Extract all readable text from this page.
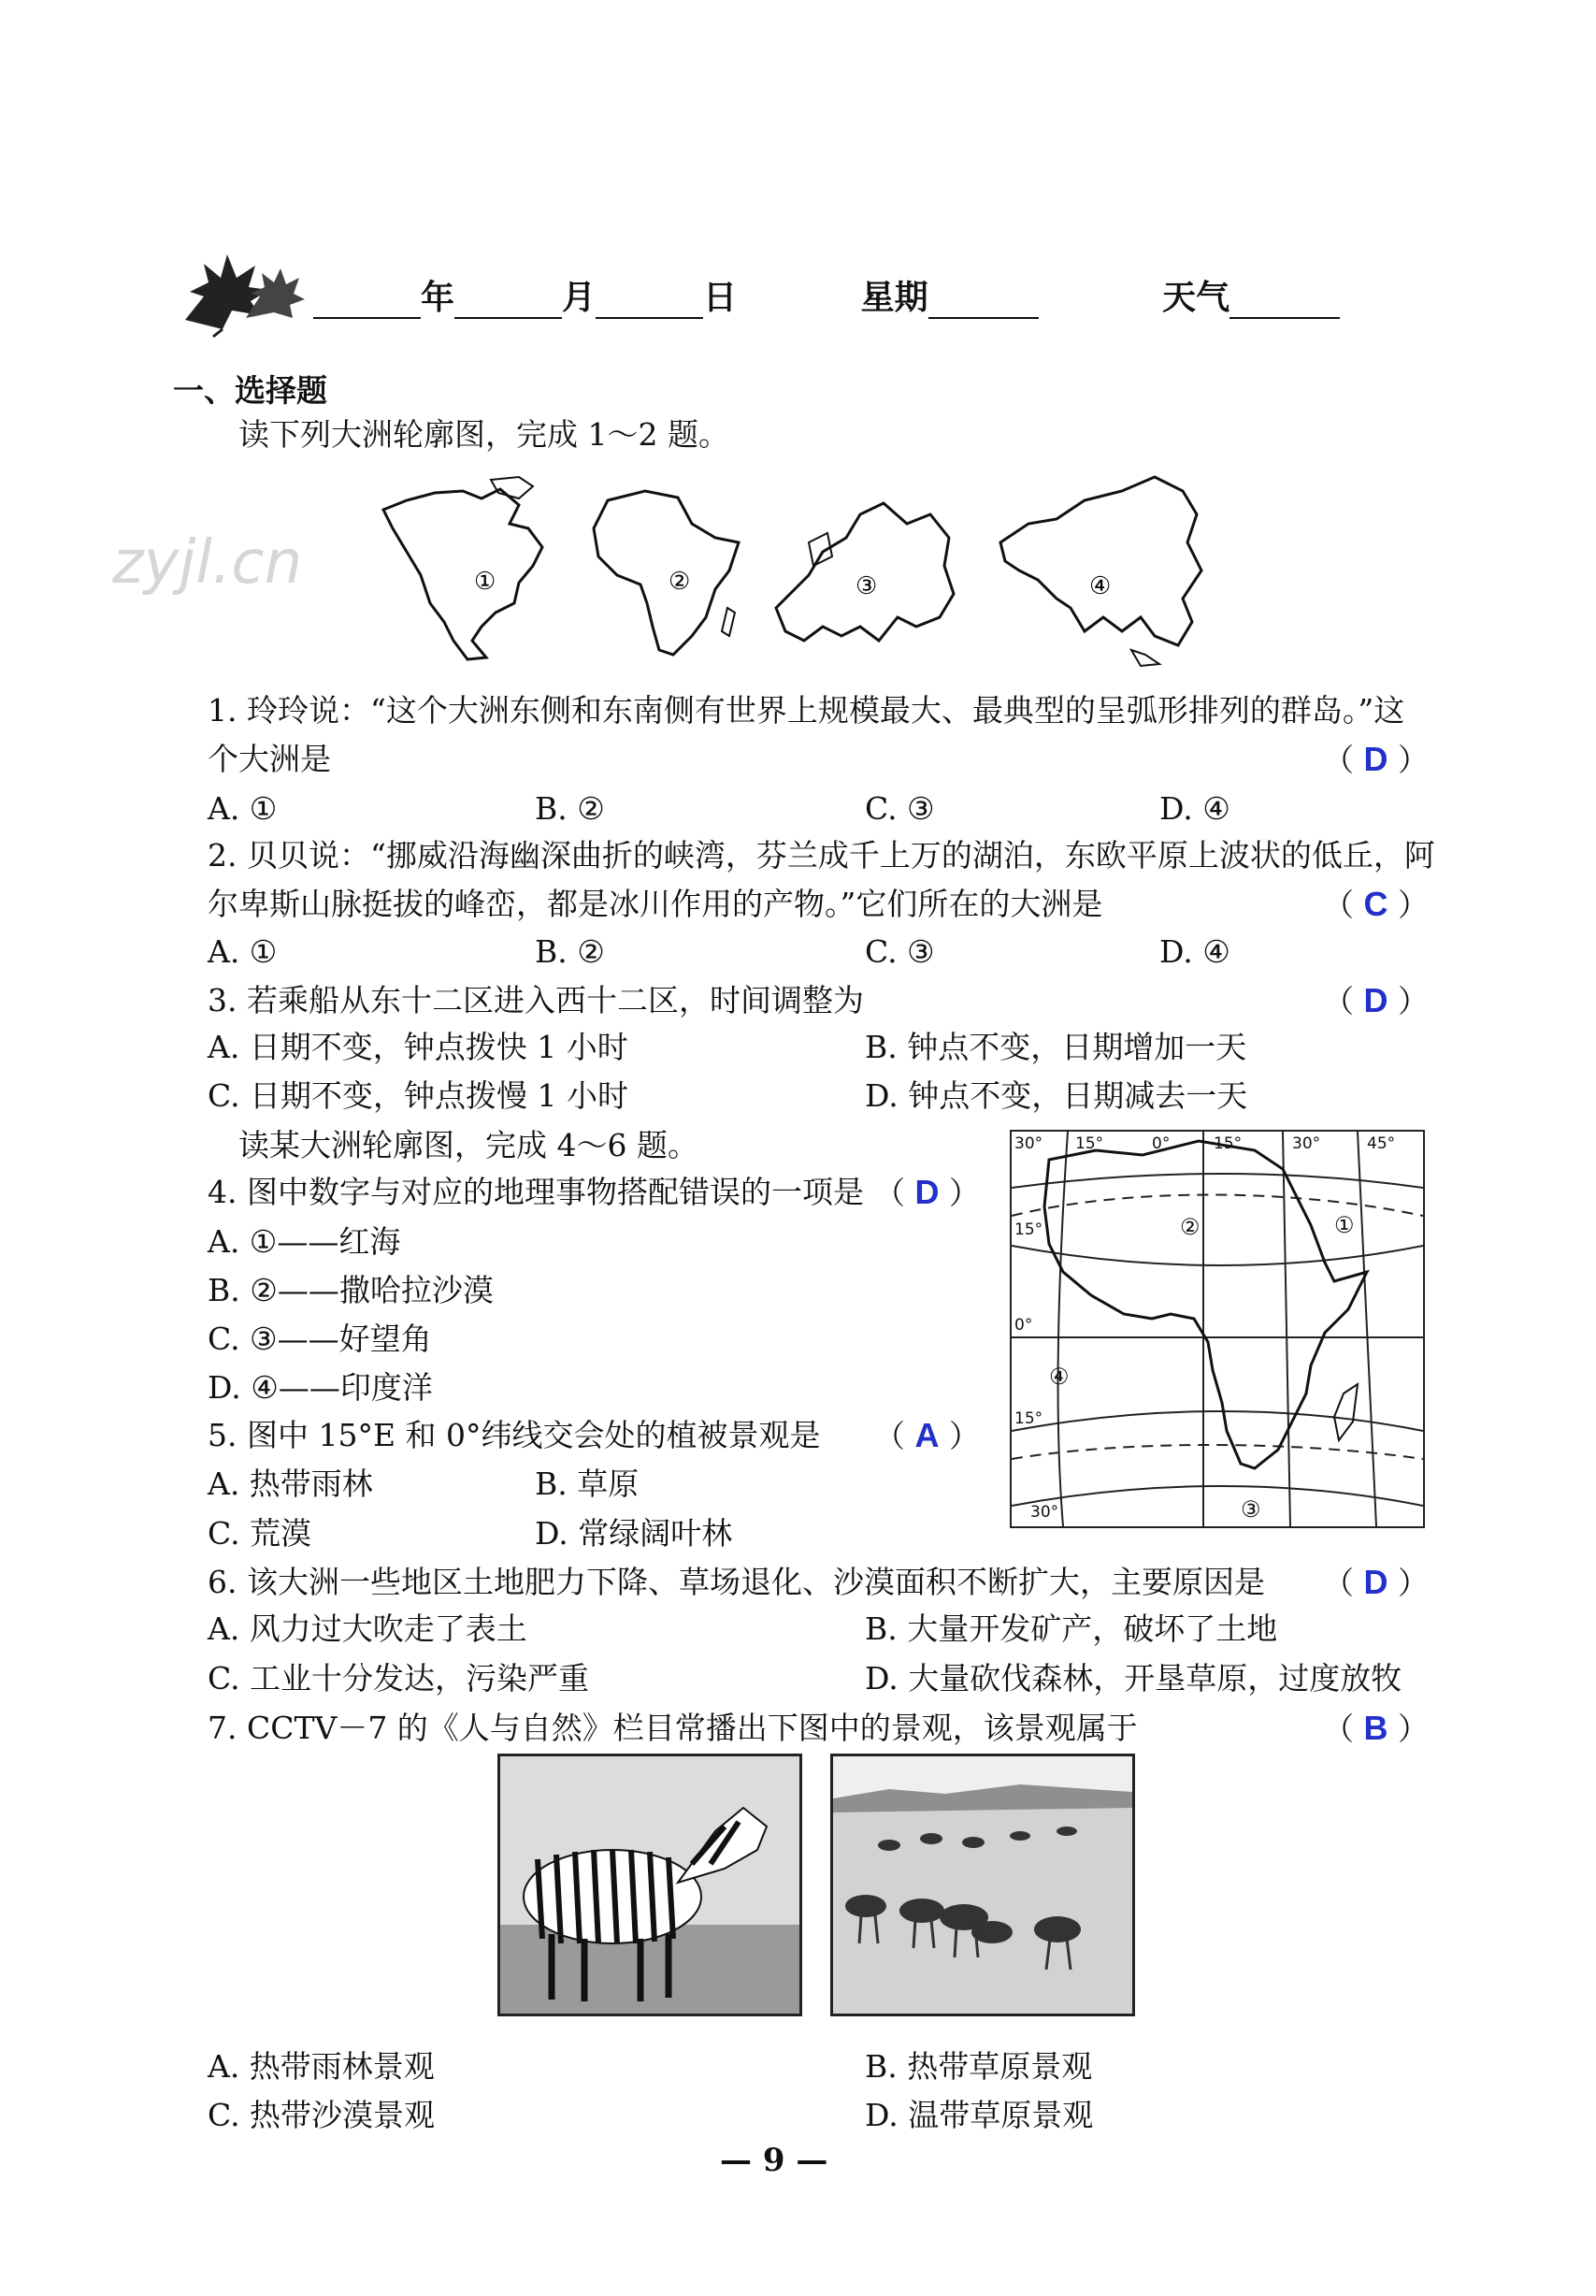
年	月	日	星期	天气
一、选择题
读下列大洲轮廓图，完成 1～2 题。
zyjl.cn	①	②	③	④
1. 玲玲说：“这个大洲东侧和东南侧有世界上规模最大、最典型的呈弧形排列的群岛。”这
个大洲是	（ D ）
A. ①	B. ②	C. ③	D. ④
2. 贝贝说：“挪威沿海幽深曲折的峡湾，芬兰成千上万的湖泊，东欧平原上波状的低丘，阿
尔卑斯山脉挺拔的峰峦，都是冰川作用的产物。”它们所在的大洲是	（ C ）
A. ①	B. ②	C. ③	D. ④
3. 若乘船从东十二区进入西十二区，时间调整为	（ D ）
A. 日期不变，钟点拨快 1 小时	B. 钟点不变，日期增加一天
C. 日期不变，钟点拨慢 1 小时	D. 钟点不变，日期减去一天
读某大洲轮廓图，完成 4～6 题。
4. 图中数字与对应的地理事物搭配错误的一项是 （ D ）
A. ①——红海
B. ②——撒哈拉沙漠
C. ③——好望角
D. ④——印度洋
5. 图中 15°E 和 0°纬线交会处的植被景观是 （ A ）
A. 热带雨林	B. 草原
C. 荒漠	D. 常绿阔叶林
30° 15°	0°	15°	30°	45°
15°
0°
15°
30°
②	①
④
③
6. 该大洲一些地区土地肥力下降、草场退化、沙漠面积不断扩大，主要原因是 （ D ）
A. 风力过大吹走了表土	B. 大量开发矿产，破坏了土地
C. 工业十分发达，污染严重	D. 大量砍伐森林，开垦草原，过度放牧
7. CCTV－7 的《人与自然》栏目常播出下图中的景观，该景观属于	（ B ）
A. 热带雨林景观	B. 热带草原景观
C. 热带沙漠景观	D. 温带草原景观
— 9 —
